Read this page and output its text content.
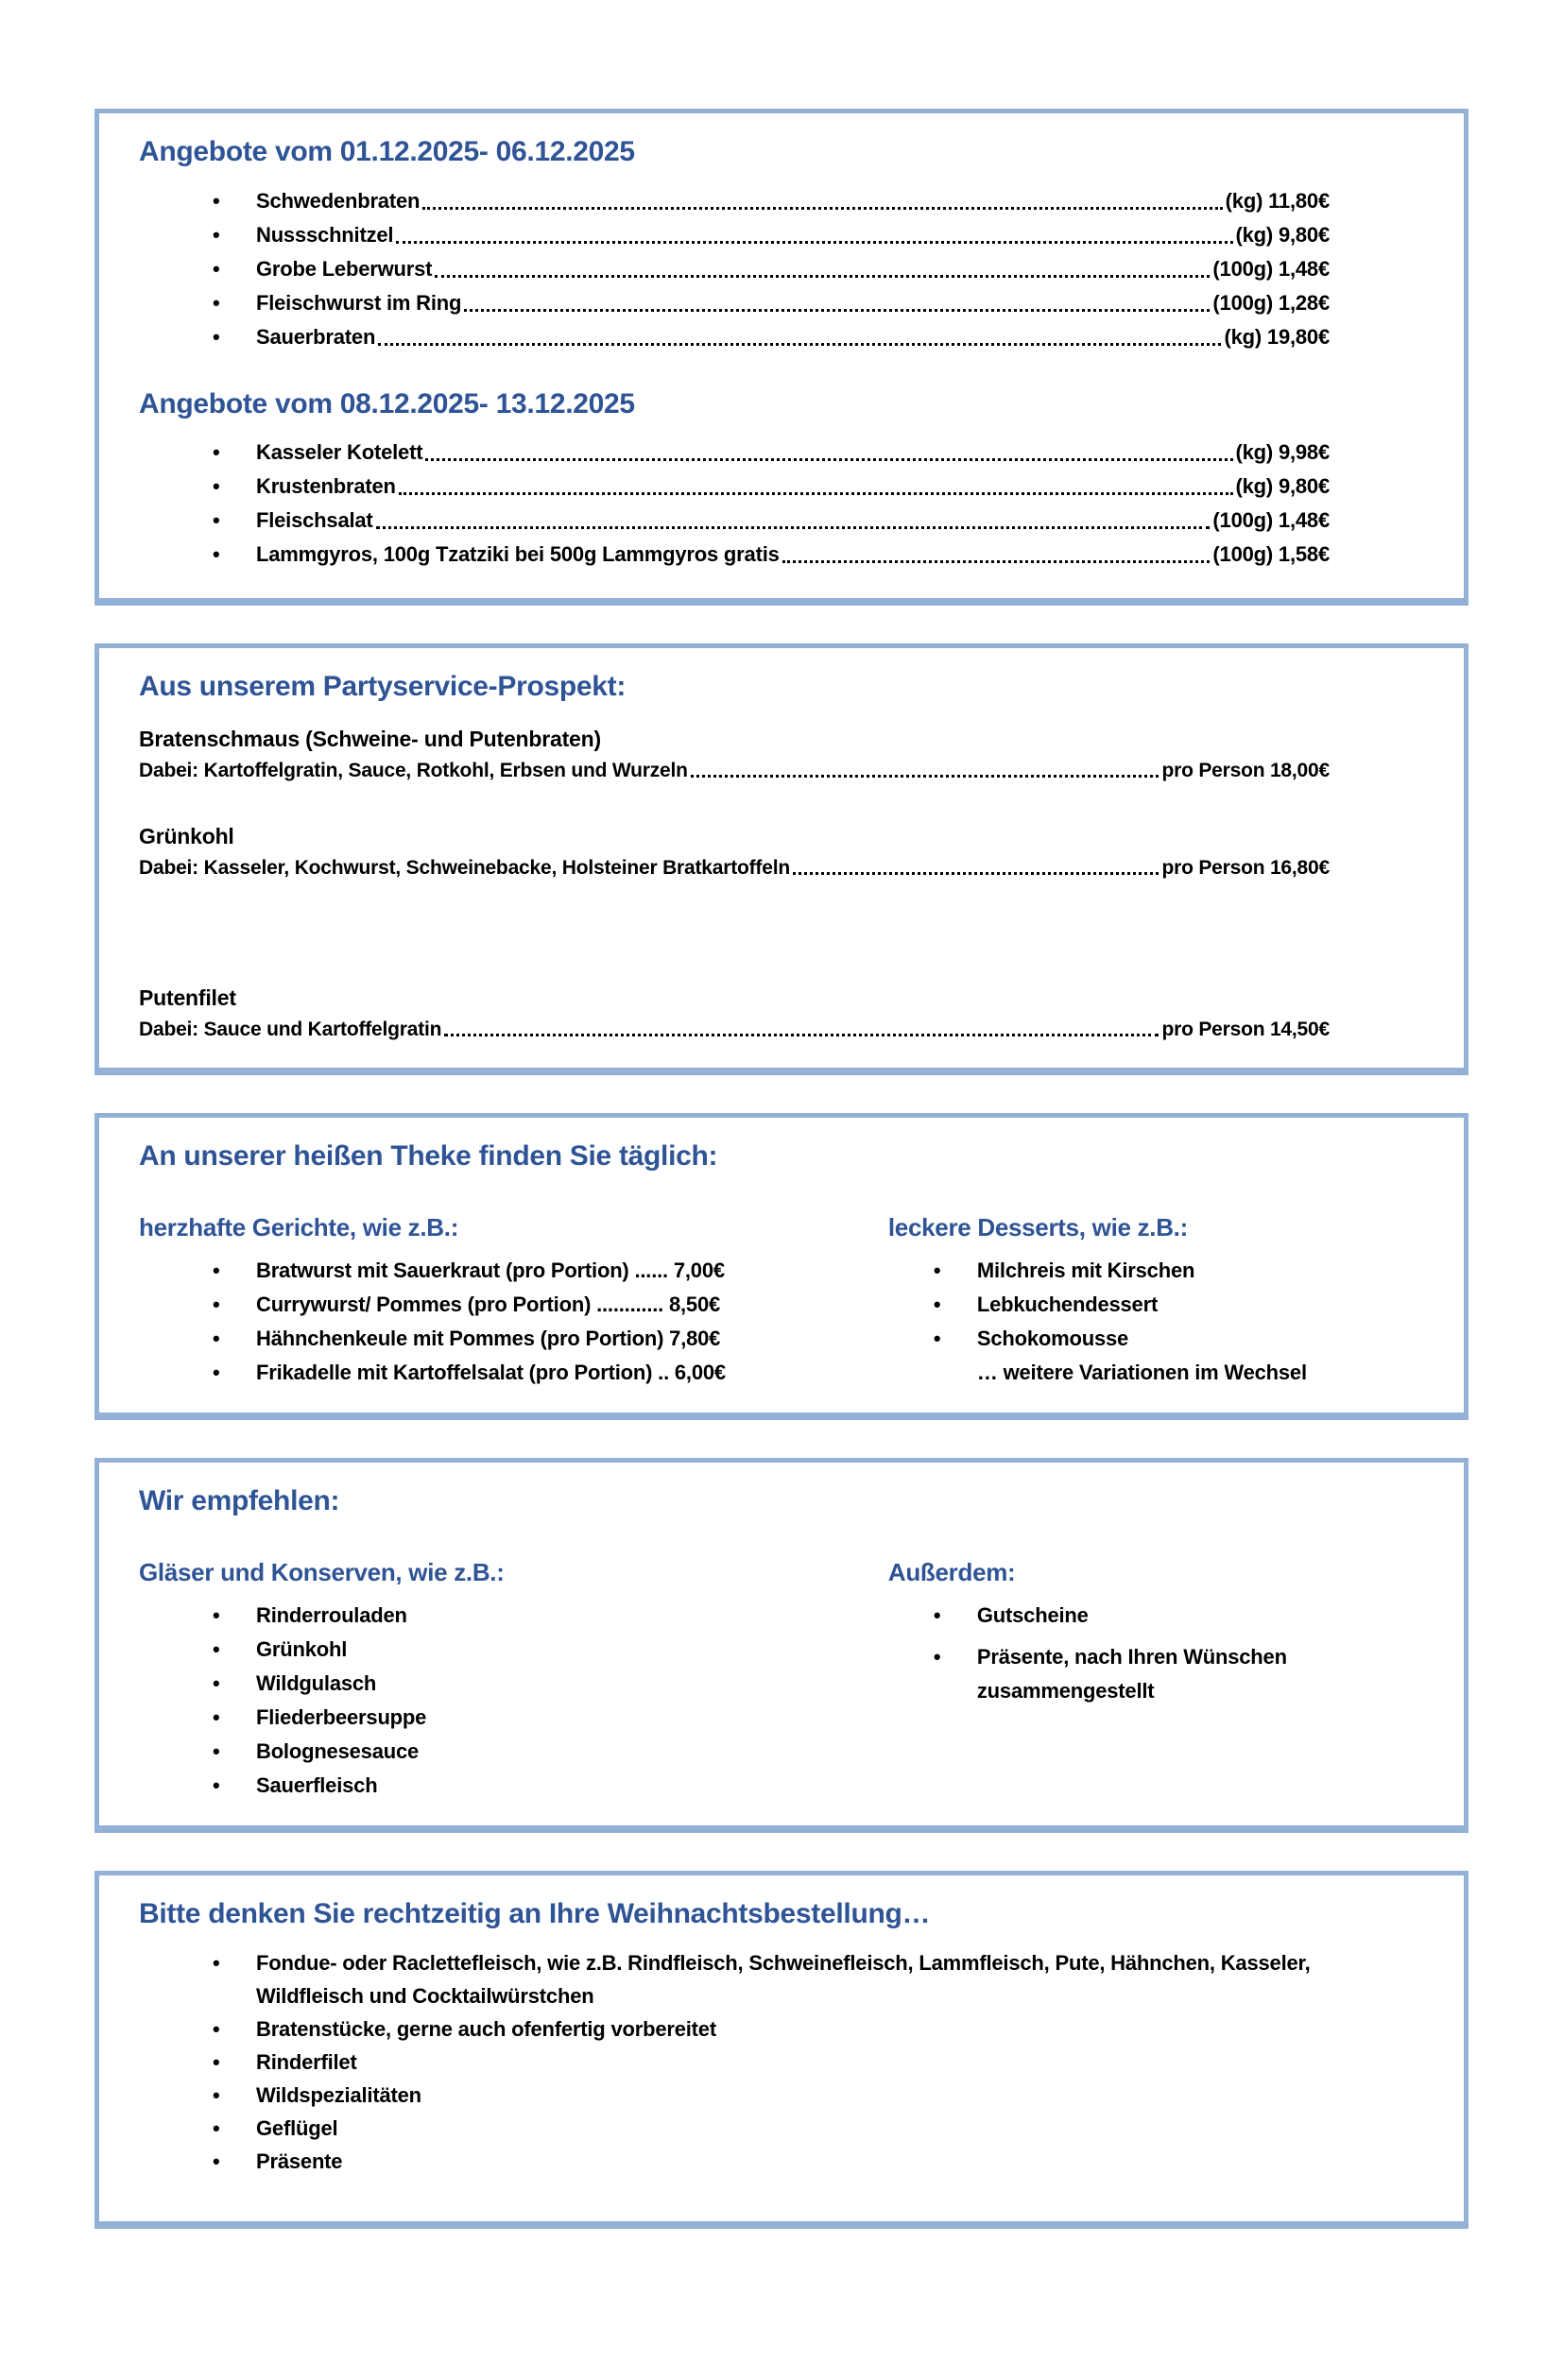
Angebote vom 01.12.2025- 06.12.2025
•	Schwedenbraten	(kg) 11,80€
•	Nussschnitzel	(kg) 9,80€
•	Grobe Leberwurst	(100g) 1,48€
•	Fleischwurst im Ring	(100g) 1,28€
•	Sauerbraten	(kg) 19,80€
Angebote vom 08.12.2025- 13.12.2025
•	Kasseler Kotelett	(kg) 9,98€
•	Krustenbraten	(kg) 9,80€
•	Fleischsalat	(100g) 1,48€
•	Lammgyros, 100g Tzatziki bei 500g Lammgyros gratis	(100g) 1,58€
Aus unserem Partyservice-Prospekt:
Bratenschmaus (Schweine- und Putenbraten)
Dabei: Kartoffelgratin, Sauce, Rotkohl, Erbsen und Wurzeln	pro Person 18,00€
Grünkohl
Dabei: Kasseler, Kochwurst, Schweinebacke, Holsteiner Bratkartoffeln	pro Person 16,80€
Putenfilet
Dabei: Sauce und Kartoffelgratin	pro Person 14,50€
An unserer heißen Theke finden Sie täglich:
herzhafte Gerichte, wie z.B.:
•	Bratwurst mit Sauerkraut (pro Portion) ...... 7,00€
•	Currywurst/ Pommes (pro Portion) ............ 8,50€
•	Hähnchenkeule mit Pommes (pro Portion) 7,80€
•	Frikadelle mit Kartoffelsalat (pro Portion) .. 6,00€
leckere Desserts, wie z.B.:
•	Milchreis mit Kirschen
•	Lebkuchendessert
•	Schokomousse
… weitere Variationen im Wechsel
Wir empfehlen:
Gläser und Konserven, wie z.B.:
•	Rinderrouladen
•	Grünkohl
•	Wildgulasch
•	Fliederbeersuppe
•	Bolognesesauce
•	Sauerfleisch
Außerdem:
•	Gutscheine
•	Präsente, nach Ihren Wünschen zusammengestellt
Bitte denken Sie rechtzeitig an Ihre Weihnachtsbestellung…
•	Fondue- oder Raclettefleisch, wie z.B. Rindfleisch, Schweinefleisch, Lammfleisch, Pute, Hähnchen, Kasseler, Wildfleisch und Cocktailwürstchen
•	Bratenstücke, gerne auch ofenfertig vorbereitet
•	Rinderfilet
•	Wildspezialitäten
•	Geflügel
•	Präsente
